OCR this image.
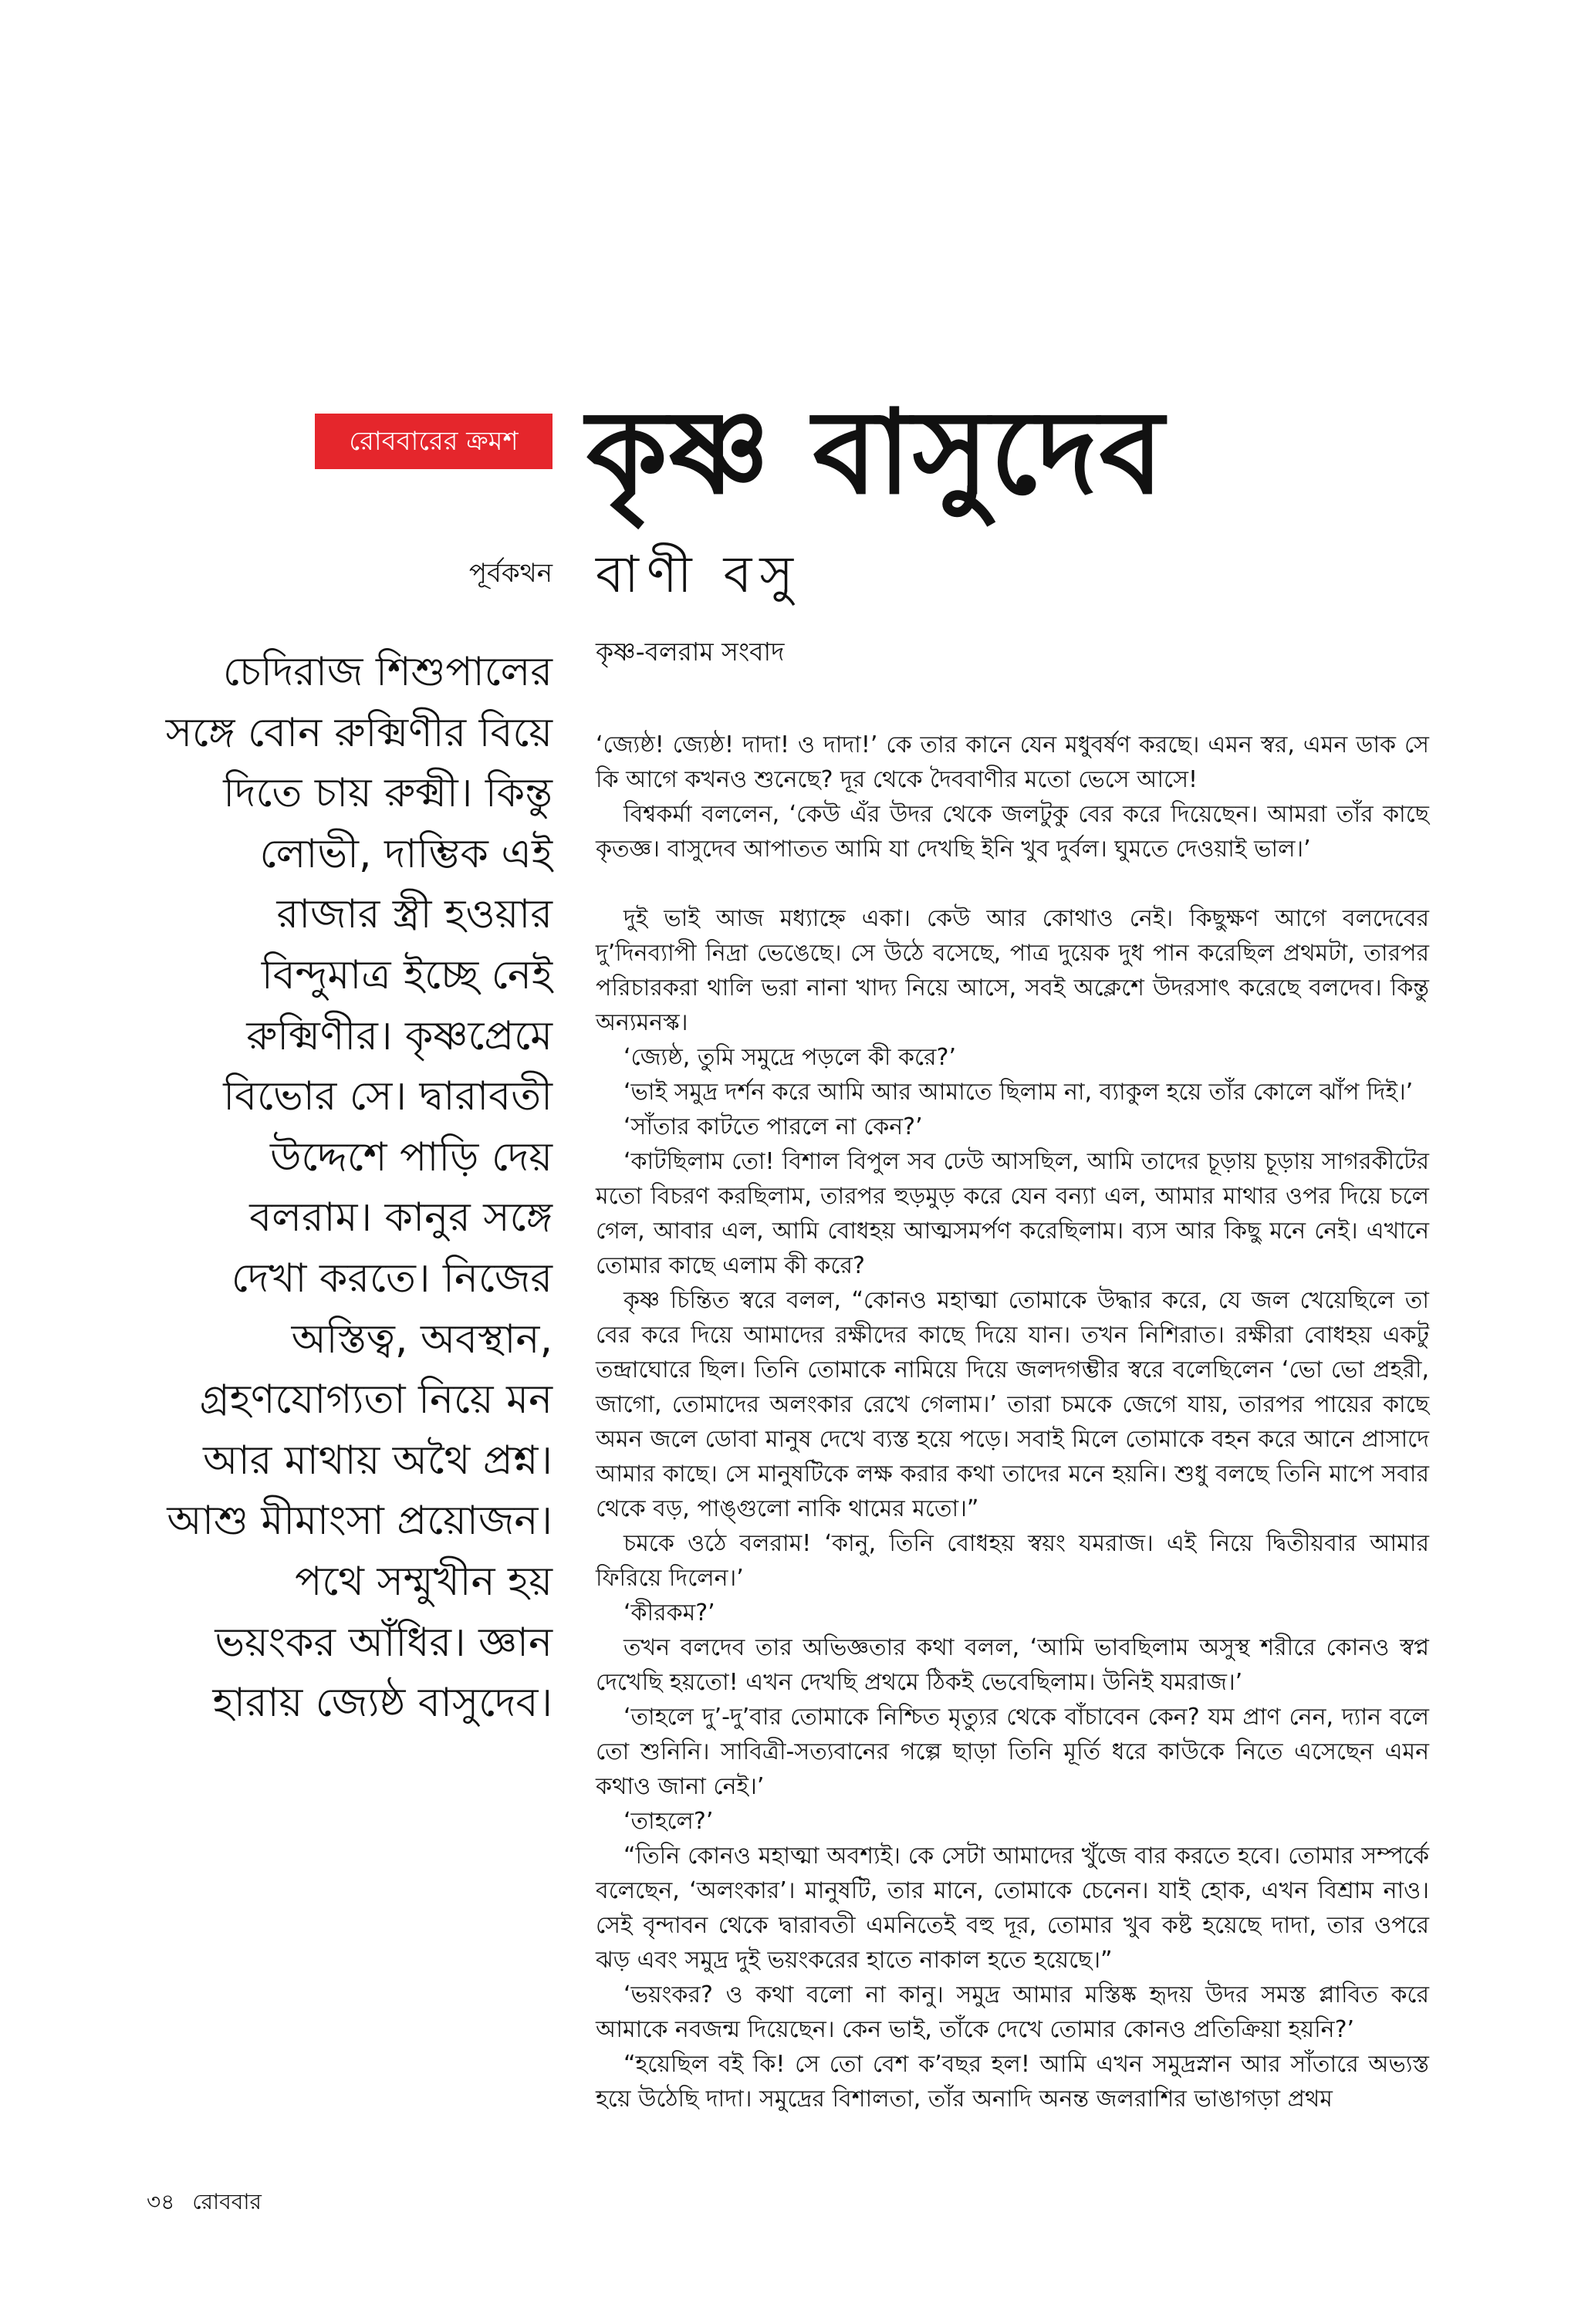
রোববারের ক্রমশ কৃষ্ণ বাসুদেব
পূর্বকথন বাণী বসু
চেদিরাজ শিশুপালের
সঙ্গে বোন রুক্মিণীর বিয়ে
দিতে চায় রুক্মী। কিন্তু
লোভী, দাম্ভিক এই
রাজার স্ত্রী হওয়ার
বিন্দুমাত্র ইচ্ছে নেই
রুক্মিণীর। কৃষ্ণপ্রেমে
বিভোর সে। দ্বারাবতী
উদ্দেশে পাড়ি দেয়
বলরাম। কানুর সঙ্গে
দেখা করতে। নিজের
অস্তিত্ব, অবস্থান,
গ্রহণযোগ্যতা নিয়ে মন
আর মাথায় অথৈ প্রশ্ন।
আশু মীমাংসা প্রয়োজন।
পথে সম্মুখীন হয়
ভয়ংকর আঁধির। জ্ঞান
হারায় জ্যেষ্ঠ বাসুদেব।
কৃষ্ণ-বলরাম সংবাদ

‘জ্যেষ্ঠ! জ্যেষ্ঠ! দাদা! ও দাদা!’ কে তার কানে যেন মধুবর্ষণ করছে। এমন স্বর, এমন ডাক সে কি আগে কখনও শুনেছে? দূর থেকে দৈববাণীর মতো ভেসে আসে!

বিশ্বকর্মা বললেন, ‘কেউ এঁর উদর থেকে জলটুকু বের করে দিয়েছেন। আমরা তাঁর কাছে কৃতজ্ঞ। বাসুদেব আপাতত আমি যা দেখছি ইনি খুব দুর্বল। ঘুমতে দেওয়াই ভাল।’

দুই ভাই আজ মধ্যাহ্নে একা। কেউ আর কোথাও নেই। কিছুক্ষণ আগে বলদেবের দু’দিনব্যাপী নিদ্রা ভেঙেছে। সে উঠে বসেছে, পাত্র দুয়েক দুধ পান করেছিল প্রথমটা, তারপর পরিচারকরা থালি ভরা নানা খাদ্য নিয়ে আসে, সবই অক্লেশে উদরসাৎ করেছে বলদেব। কিন্তু অন্যমনস্ক।

‘জ্যেষ্ঠ, তুমি সমুদ্রে পড়লে কী করে?’

‘ভাই সমুদ্র দর্শন করে আমি আর আমাতে ছিলাম না, ব্যাকুল হয়ে তাঁর কোলে ঝাঁপ দিই।’

‘সাঁতার কাটতে পারলে না কেন?’

‘কাটছিলাম তো! বিশাল বিপুল সব ঢেউ আসছিল, আমি তাদের চূড়ায় চূড়ায় সাগরকীটের মতো বিচরণ করছিলাম, তারপর হুড়মুড় করে যেন বন্যা এল, আমার মাথার ওপর দিয়ে চলে গেল, আবার এল, আমি বোধহয় আত্মসমর্পণ করেছিলাম। ব্যস আর কিছু মনে নেই। এখানে তোমার কাছে এলাম কী করে?

কৃষ্ণ চিন্তিত স্বরে বলল, “কোনও মহাত্মা তোমাকে উদ্ধার করে, যে জল খেয়েছিলে তা বের করে দিয়ে আমাদের রক্ষীদের কাছে দিয়ে যান। তখন নিশিরাত। রক্ষীরা বোধহয় একটু তন্দ্রাঘোরে ছিল। তিনি তোমাকে নামিয়ে দিয়ে জলদগম্ভীর স্বরে বলেছিলেন ‘ভো ভো প্রহরী, জাগো, তোমাদের অলংকার রেখে গেলাম।’ তারা চমকে জেগে যায়, তারপর পায়ের কাছে অমন জলে ডোবা মানুষ দেখে ব্যস্ত হয়ে পড়ে। সবাই মিলে তোমাকে বহন করে আনে প্রাসাদে আমার কাছে। সে মানুষটিকে লক্ষ করার কথা তাদের মনে হয়নি। শুধু বলছে তিনি মাপে সবার থেকে বড়, পাঙ্গুলো নাকি থামের মতো।”

চমকে ওঠে বলরাম! ‘কানু, তিনি বোধহয় স্বয়ং যমরাজ। এই নিয়ে দ্বিতীয়বার আমার ফিরিয়ে দিলেন।’

‘কীরকম?’

তখন বলদেব তার অভিজ্ঞতার কথা বলল, ‘আমি ভাবছিলাম অসুস্থ শরীরে কোনও স্বপ্ন দেখেছি হয়তো! এখন দেখছি প্রথমে ঠিকই ভেবেছিলাম। উনিই যমরাজ।’

‘তাহলে দু’-দু’বার তোমাকে নিশ্চিত মৃত্যুর থেকে বাঁচাবেন কেন? যম প্রাণ নেন, দ্যান বলে তো শুনিনি। সাবিত্রী-সত্যবানের গল্পে ছাড়া তিনি মূর্তি ধরে কাউকে নিতে এসেছেন এমন কথাও জানা নেই।’

‘তাহলে?’

“তিনি কোনও মহাত্মা অবশ্যই। কে সেটা আমাদের খুঁজে বার করতে হবে। তোমার সম্পর্কে বলেছেন, ‘অলংকার’। মানুষটি, তার মানে, তোমাকে চেনেন। যাই হোক, এখন বিশ্রাম নাও। সেই বৃন্দাবন থেকে দ্বারাবতী এমনিতেই বহু দূর, তোমার খুব কষ্ট হয়েছে দাদা, তার ওপরে ঝড় এবং সমুদ্র দুই ভয়ংকরের হাতে নাকাল হতে হয়েছে।”

‘ভয়ংকর? ও কথা বলো না কানু। সমুদ্র আমার মস্তিষ্ক হৃদয় উদর সমস্ত প্লাবিত করে আমাকে নবজন্ম দিয়েছেন। কেন ভাই, তাঁকে দেখে তোমার কোনও প্রতিক্রিয়া হয়নি?’

“হয়েছিল বই কি! সে তো বেশ ক’বছর হল! আমি এখন সমুদ্রস্নান আর সাঁতারে অভ্যস্ত হয়ে উঠেছি দাদা। সমুদ্রের বিশালতা, তাঁর অনাদি অনন্ত জলরাশির ভাঙাগড়া প্রথম

৩৪ রোববার
